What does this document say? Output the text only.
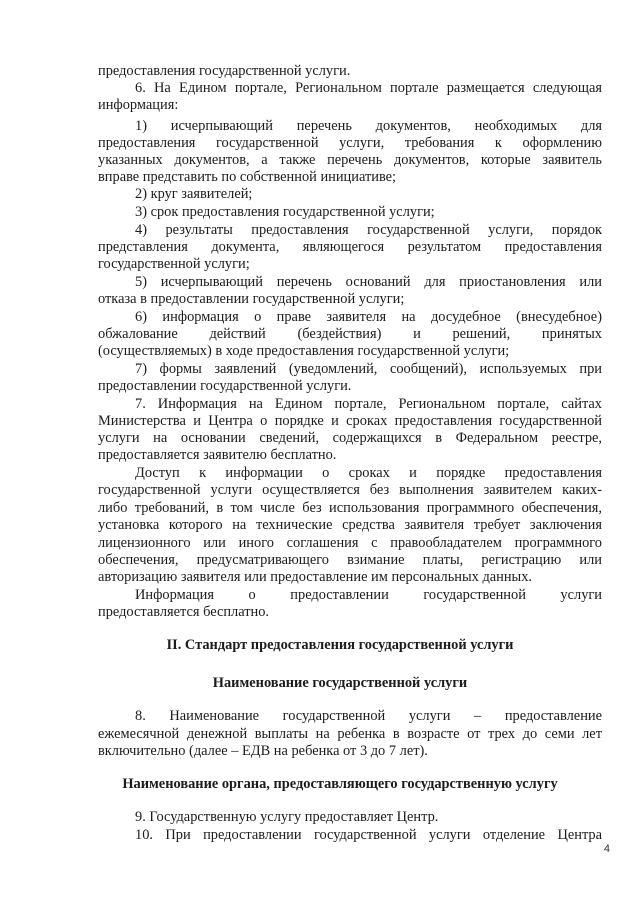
предоставления государственной услуги.

6. На Едином портале, Региональном портале размещается следующая

информация:

1) исчерпывающий перечень документов, необходимых для

предоставления государственной услуги, требования к оформлению

указанных документов, а также перечень документов, которые заявитель

вправе представить по собственной инициативе;

2) круг заявителей;

3) срок предоставления государственной услуги;

4) результаты предоставления государственной услуги, порядок

представления документа, являющегося результатом предоставления

государственной услуги;

5) исчерпывающий перечень оснований для приостановления или

отказа в предоставлении государственной услуги;

6) информация о праве заявителя на досудебное (внесудебное)

обжалование действий (бездействия) и решений, принятых

(осуществляемых) в ходе предоставления государственной услуги;

7) формы заявлений (уведомлений, сообщений), используемых при

предоставлении государственной услуги.

7. Информация на Едином портале, Региональном портале, сайтах

Министерства и Центра о порядке и сроках предоставления государственной

услуги на основании сведений, содержащихся в Федеральном реестре,

предоставляется заявителю бесплатно.

Доступ к информации о сроках и порядке предоставления

государственной услуги осуществляется без выполнения заявителем каких-

либо требований, в том числе без использования программного обеспечения,

установка которого на технические средства заявителя требует заключения

лицензионного или иного соглашения с правообладателем программного

обеспечения, предусматривающего взимание платы, регистрацию или

авторизацию заявителя или предоставление им персональных данных.

Информация о предоставлении государственной услуги

предоставляется бесплатно.

II. Стандарт предоставления государственной услуги

Наименование государственной услуги

8. Наименование государственной услуги – предоставление

ежемесячной денежной выплаты на ребенка в возрасте от трех до семи лет

включительно (далее – ЕДВ на ребенка от 3 до 7 лет).

Наименование органа, предоставляющего государственную услугу

9. Государственную услугу предоставляет Центр.

10. При предоставлении государственной услуги отделение Центра

4
